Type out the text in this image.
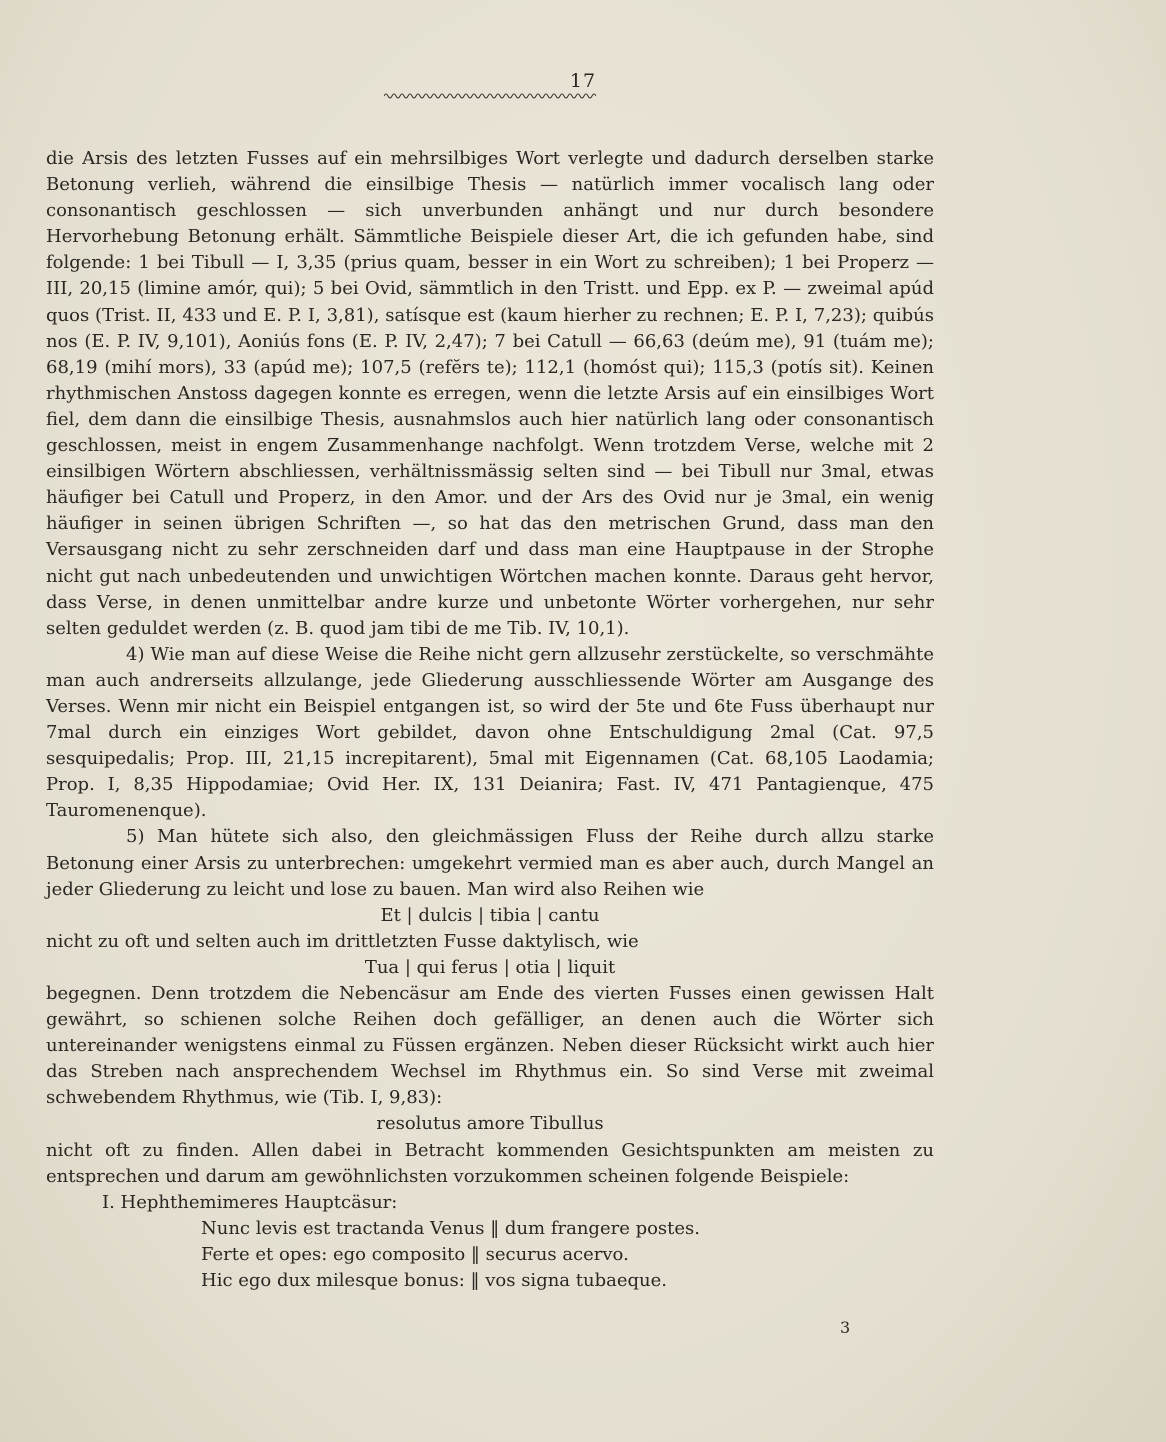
17

die Arsis des letzten Fusses auf ein mehrsilbiges Wort verlegte und dadurch derselben starke Betonung verlieh, während die einsilbige Thesis — natürlich immer vocalisch lang oder consonantisch geschlossen — sich unverbunden anhängt und nur durch besondere Hervorhebung Betonung erhält. Sämmtliche Beispiele dieser Art, die ich gefunden habe, sind folgende: 1 bei Tibull — I, 3,35 (prius quam, besser in ein Wort zu schreiben); 1 bei Properz — III, 20,15 (limine amór, qui); 5 bei Ovid, sämmtlich in den Tristt. und Epp. ex P. — zweimal apúd quos (Trist. II, 433 und E. P. I, 3,81), satísque est (kaum hierher zu rechnen; E. P. I, 7,23); quibús nos (E. P. IV, 9,101), Aoniús fons (E. P. IV, 2,47); 7 bei Catull — 66,63 (deúm me), 91 (tuám me); 68,19 (mihí mors), 33 (apúd me); 107,5 (refĕrs te); 112,1 (homóst qui); 115,3 (potís sit). Keinen rhythmischen Anstoss dagegen konnte es erregen, wenn die letzte Arsis auf ein einsilbiges Wort fiel, dem dann die einsilbige Thesis, ausnahmslos auch hier natürlich lang oder consonantisch geschlossen, meist in engem Zusammenhange nachfolgt. Wenn trotzdem Verse, welche mit 2 einsilbigen Wörtern abschliessen, verhältnissmässig selten sind — bei Tibull nur 3mal, etwas häufiger bei Catull und Properz, in den Amor. und der Ars des Ovid nur je 3mal, ein wenig häufiger in seinen übrigen Schriften —, so hat das den metrischen Grund, dass man den Versausgang nicht zu sehr zerschneiden darf und dass man eine Hauptpause in der Strophe nicht gut nach unbedeutenden und unwichtigen Wörtchen machen konnte. Daraus geht hervor, dass Verse, in denen unmittelbar andre kurze und unbetonte Wörter vorhergehen, nur sehr selten geduldet werden (z. B. quod jam tibi de me Tib. IV, 10,1).

4) Wie man auf diese Weise die Reihe nicht gern allzusehr zerstückelte, so verschmähte man auch andrerseits allzulange, jede Gliederung ausschliessende Wörter am Ausgange des Verses. Wenn mir nicht ein Beispiel entgangen ist, so wird der 5te und 6te Fuss überhaupt nur 7mal durch ein einziges Wort gebildet, davon ohne Entschuldigung 2mal (Cat. 97,5 sesquipedalis; Prop. III, 21,15 increpitarent), 5mal mit Eigennamen (Cat. 68,105 Laodamia; Prop. I, 8,35 Hippodamiae; Ovid Her. IX, 131 Deianira; Fast. IV, 471 Pantagienque, 475 Tauromenenque).

5) Man hütete sich also, den gleichmässigen Fluss der Reihe durch allzu starke Betonung einer Arsis zu unterbrechen: umgekehrt vermied man es aber auch, durch Mangel an jeder Gliederung zu leicht und lose zu bauen. Man wird also Reihen wie

Et | dulcis | tibia | cantu

nicht zu oft und selten auch im drittletzten Fusse daktylisch, wie

Tua | qui ferus | otia | liquit

begegnen. Denn trotzdem die Nebencäsur am Ende des vierten Fusses einen gewissen Halt gewährt, so schienen solche Reihen doch gefälliger, an denen auch die Wörter sich untereinander wenigstens einmal zu Füssen ergänzen. Neben dieser Rücksicht wirkt auch hier das Streben nach ansprechendem Wechsel im Rhythmus ein. So sind Verse mit zweimal schwebendem Rhythmus, wie (Tib. I, 9,83):

resolutus amore Tibullus

nicht oft zu finden. Allen dabei in Betracht kommenden Gesichtspunkten am meisten zu entsprechen und darum am gewöhnlichsten vorzukommen scheinen folgende Beispiele:

I. Hephthemimeres Hauptcäsur:

Nunc levis est tractanda Venus ‖ dum frangere postes.

Ferte et opes: ego composito ‖ securus acervo.

Hic ego dux milesque bonus: ‖ vos signa tubaeque.

3
